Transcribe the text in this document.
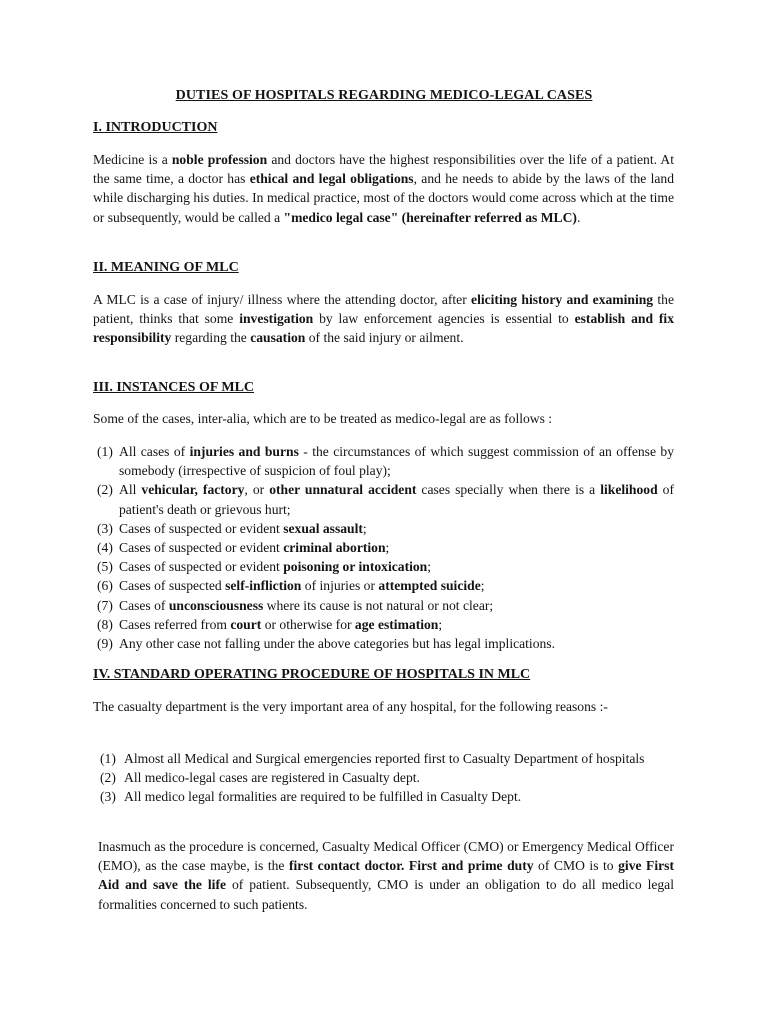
DUTIES OF HOSPITALS REGARDING MEDICO-LEGAL CASES
I. INTRODUCTION
Medicine is a noble profession and doctors have the highest responsibilities over the life of a patient. At the same time, a doctor has ethical and legal obligations, and he needs to abide by the laws of the land while discharging his duties. In medical practice, most of the doctors would come across which at the time or subsequently, would be called a "medico legal case" (hereinafter referred as MLC).
II. MEANING OF MLC
A MLC is a case of injury/ illness where the attending doctor, after eliciting history and examining the patient, thinks that some investigation by law enforcement agencies is essential to establish and fix responsibility regarding the causation of the said injury or ailment.
III. INSTANCES OF MLC
Some of the cases, inter-alia, which are to be treated as medico-legal are as follows :
(1) All cases of injuries and burns - the circumstances of which suggest commission of an offense by somebody (irrespective of suspicion of foul play);
(2) All vehicular, factory, or other unnatural accident cases specially when there is a likelihood of patient's death or grievous hurt;
(3) Cases of suspected or evident sexual assault;
(4) Cases of suspected or evident criminal abortion;
(5) Cases of suspected or evident poisoning or intoxication;
(6) Cases of suspected self-infliction of injuries or attempted suicide;
(7) Cases of unconsciousness where its cause is not natural or not clear;
(8) Cases referred from court or otherwise for age estimation;
(9) Any other case not falling under the above categories but has legal implications.
IV. STANDARD OPERATING PROCEDURE OF HOSPITALS IN MLC
The casualty department is the very important area of any hospital, for the following reasons :-
(1) Almost all Medical and Surgical emergencies reported first to Casualty Department of hospitals
(2) All medico-legal cases are registered in Casualty dept.
(3) All medico legal formalities are required to be fulfilled in Casualty Dept.
Inasmuch as the procedure is concerned, Casualty Medical Officer (CMO) or Emergency Medical Officer (EMO), as the case maybe, is the first contact doctor. First and prime duty of CMO is to give First Aid and save the life of patient. Subsequently, CMO is under an obligation to do all medico legal formalities concerned to such patients.
